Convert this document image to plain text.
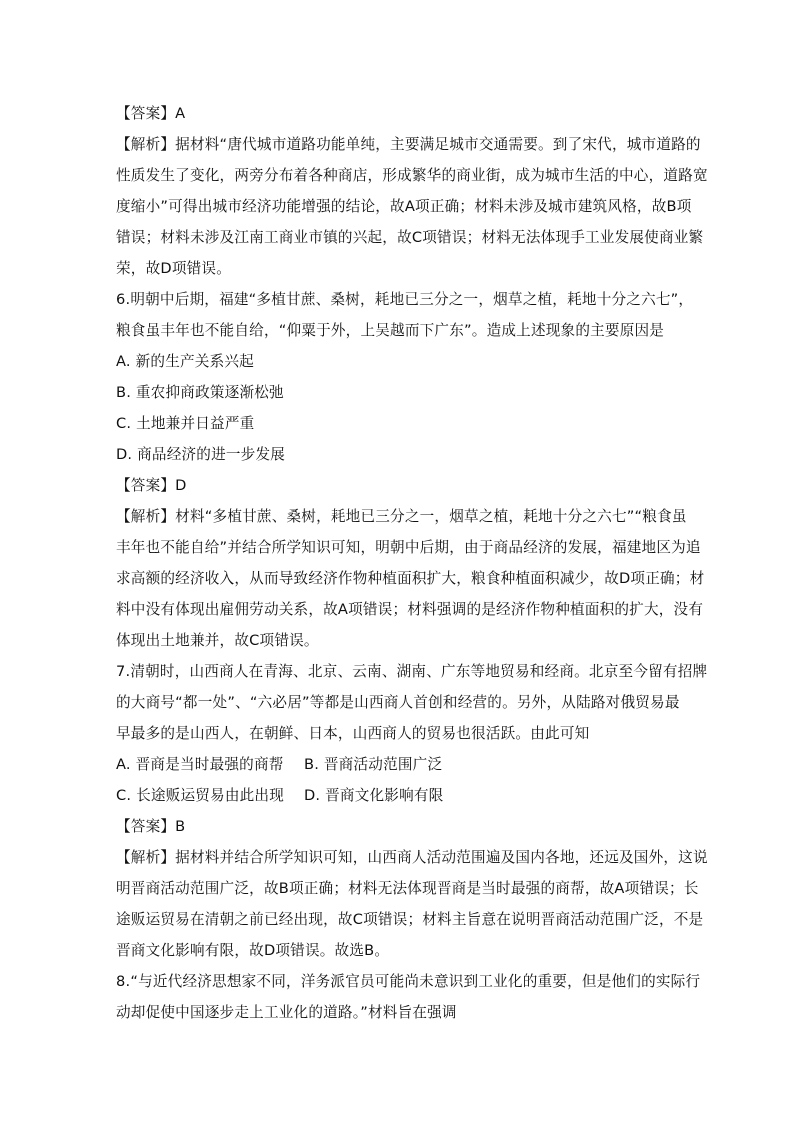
【答案】A
【解析】据材料“唐代城市道路功能单纯，主要满足城市交通需要。到了宋代，城市道路的
性质发生了变化，两旁分布着各种商店，形成繁华的商业街，成为城市生活的中心，道路宽
度缩小”可得出城市经济功能增强的结论，故A项正确；材料未涉及城市建筑风格，故B项
错误；材料未涉及江南工商业市镇的兴起，故C项错误；材料无法体现手工业发展使商业繁
荣，故D项错误。
6.明朝中后期，福建“多植甘蔗、桑树，耗地已三分之一，烟草之植，耗地十分之六七”，
粮食虽丰年也不能自给，“仰粟于外，上吴越而下广东”。造成上述现象的主要原因是
A. 新的生产关系兴起
B. 重农抑商政策逐渐松弛
C. 土地兼并日益严重
D. 商品经济的进一步发展
【答案】D
【解析】材料“多植甘蔗、桑树，耗地已三分之一，烟草之植，耗地十分之六七”“粮食虽
丰年也不能自给”并结合所学知识可知，明朝中后期，由于商品经济的发展，福建地区为追
求高额的经济收入，从而导致经济作物种植面积扩大，粮食种植面积减少，故D项正确；材
料中没有体现出雇佣劳动关系，故A项错误；材料强调的是经济作物种植面积的扩大，没有
体现出土地兼并，故C项错误。
7.清朝时，山西商人在青海、北京、云南、湖南、广东等地贸易和经商。北京至今留有招牌
的大商号“都一处”、“六必居”等都是山西商人首创和经营的。另外，从陆路对俄贸易最
早最多的是山西人，在朝鲜、日本，山西商人的贸易也很活跃。由此可知
A. 晋商是当时最强的商帮	B. 晋商活动范围广泛
C. 长途贩运贸易由此出现	D. 晋商文化影响有限
【答案】B
【解析】据材料并结合所学知识可知，山西商人活动范围遍及国内各地，还远及国外，这说
明晋商活动范围广泛，故B项正确；材料无法体现晋商是当时最强的商帮，故A项错误；长
途贩运贸易在清朝之前已经出现，故C项错误；材料主旨意在说明晋商活动范围广泛，不是
晋商文化影响有限，故D项错误。故选B。
8.“与近代经济思想家不同，洋务派官员可能尚未意识到工业化的重要，但是他们的实际行
动却促使中国逐步走上工业化的道路。”材料旨在强调
